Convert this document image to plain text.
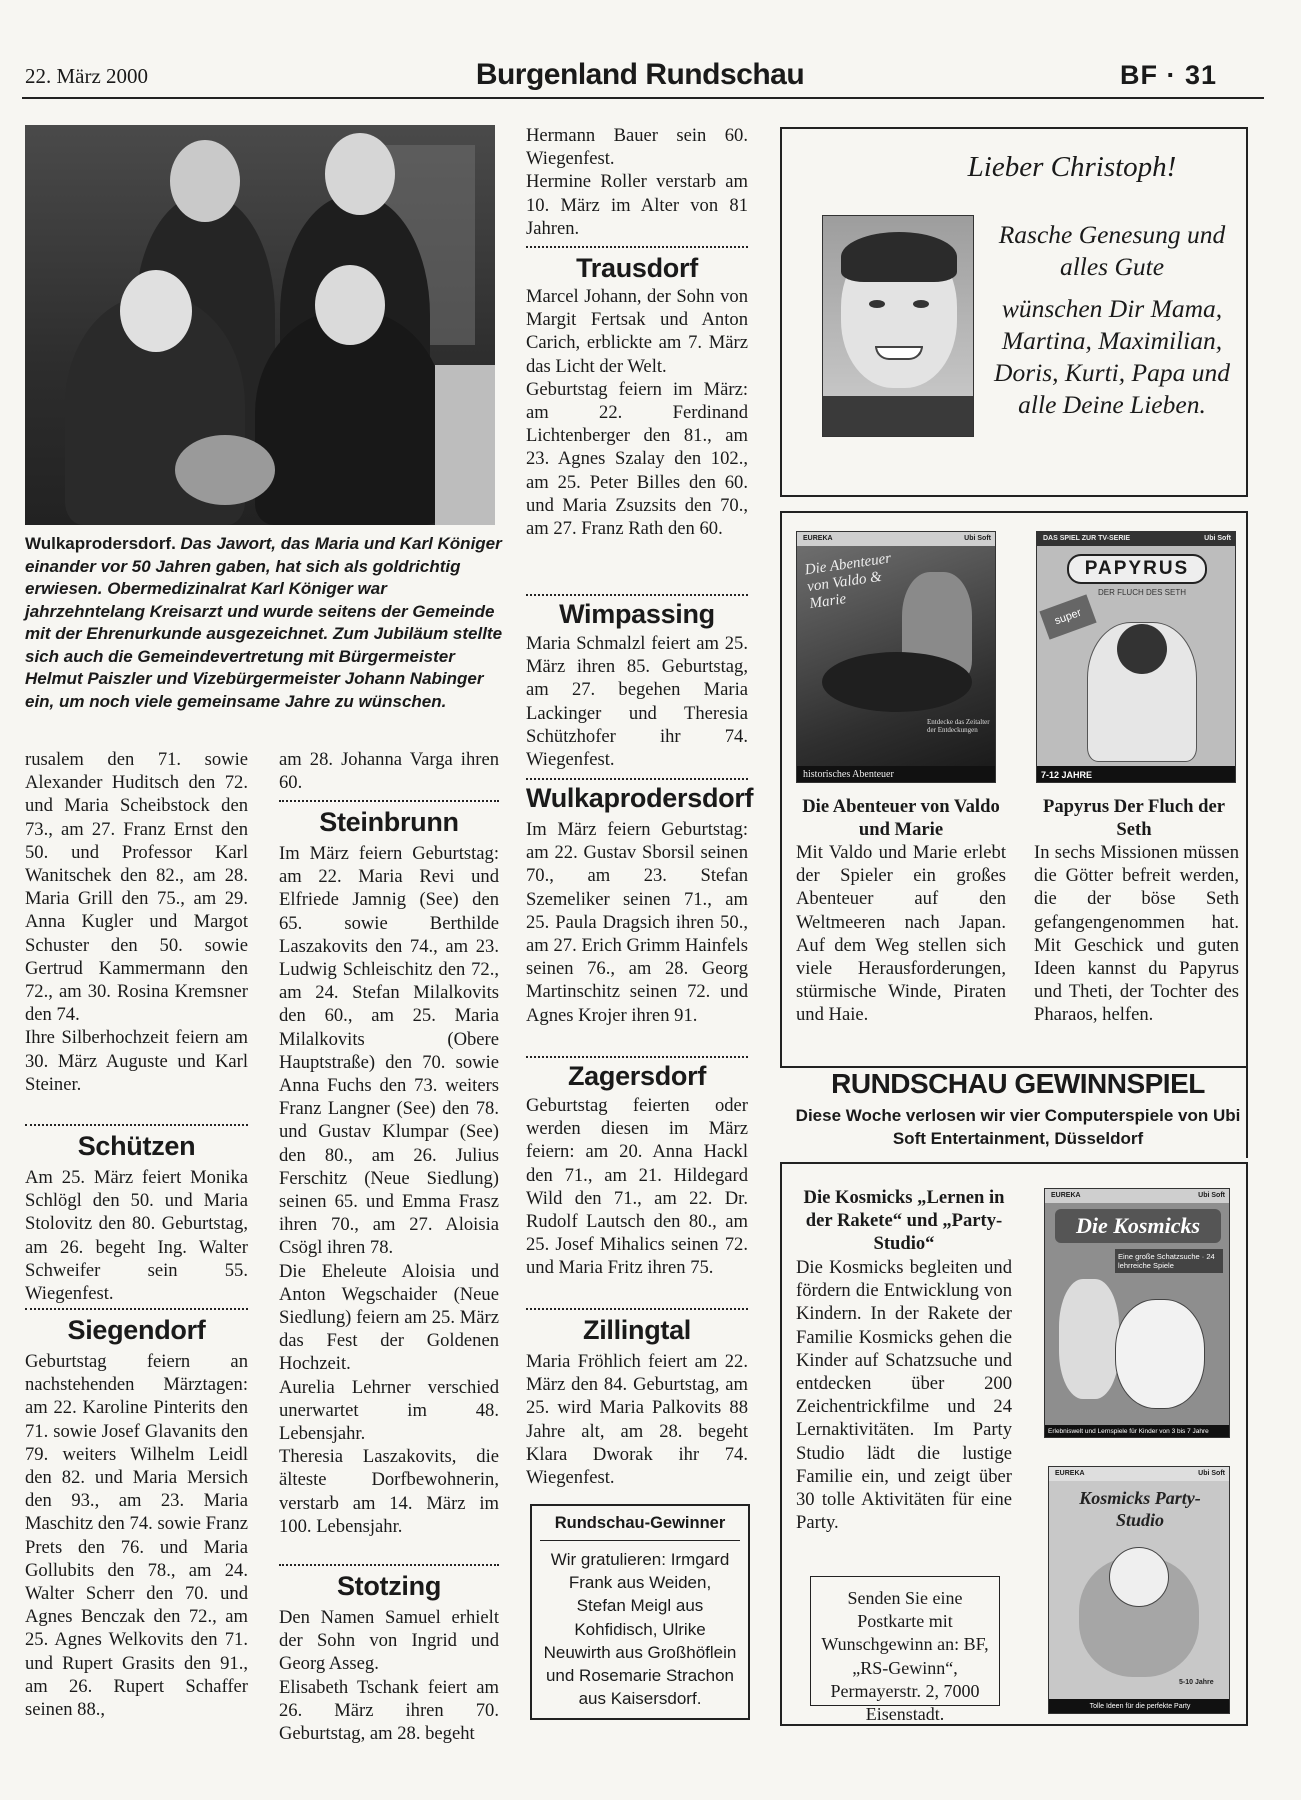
22. März 2000	Burgenland Rundschau	BF · 31
Wulkaprodersdorf. Das Jawort, das Maria und Karl Königer einander vor 50 Jahren gaben, hat sich als goldrichtig erwiesen. Obermedizinalrat Karl Königer war jahrzehntelang Kreisarzt und wurde seitens der Gemeinde mit der Ehrenurkunde ausgezeichnet. Zum Jubiläum stellte sich auch die Gemeindevertretung mit Bürgermeister Helmut Paiszler und Vizebürgermeister Johann Nabinger ein, um noch viele gemeinsame Jahre zu wünschen.
rusalem den 71. sowie Alexander Huditsch den 72. und Maria Scheibstock den 73., am 27. Franz Ernst den 50. und Professor Karl Wanitschek den 82., am 28. Maria Grill den 75., am 29. Anna Kugler und Margot Schuster den 50. sowie Gertrud Kammermann den 72., am 30. Rosina Kremsner den 74.
Ihre Silberhochzeit feiern am 30. März Auguste und Karl Steiner.
Schützen
Am 25. März feiert Monika Schlögl den 50. und Maria Stolovitz den 80. Geburtstag, am 26. begeht Ing. Walter Schweifer sein 55. Wiegenfest.
Siegendorf
Geburtstag feiern an nachstehenden Märztagen: am 22. Karoline Pinterits den 71. sowie Josef Glavanits den 79. weiters Wilhelm Leidl den 82. und Maria Mersich den 93., am 23. Maria Maschitz den 74. sowie Franz Prets den 76. und Maria Gollubits den 78., am 24. Walter Scherr den 70. und Agnes Benczak den 72., am 25. Agnes Welkovits den 71. und Rupert Grasits den 91., am 26. Rupert Schaffer seinen 88.,
am 28. Johanna Varga ihren 60.
Steinbrunn
Im März feiern Geburtstag: am 22. Maria Revi und Elfriede Jamnig (See) den 65. sowie Berthilde Laszakovits den 74., am 23. Ludwig Schleischitz den 72., am 24. Stefan Milalkovits den 60., am 25. Maria Milalkovits (Obere Hauptstraße) den 70. sowie Anna Fuchs den 73. weiters Franz Langner (See) den 78. und Gustav Klumpar (See) den 80., am 26. Julius Ferschitz (Neue Siedlung) seinen 65. und Emma Frasz ihren 70., am 27. Aloisia Csögl ihren 78.
Die Eheleute Aloisia und Anton Wegschaider (Neue Siedlung) feiern am 25. März das Fest der Goldenen Hochzeit.
Aurelia Lehrner verschied unerwartet im 48. Lebensjahr.
Theresia Laszakovits, die älteste Dorfbewohnerin, verstarb am 14. März im 100. Lebensjahr.
Stotzing
Den Namen Samuel erhielt der Sohn von Ingrid und Georg Asseg.
Elisabeth Tschank feiert am 26. März ihren 70. Geburtstag, am 28. begeht
Hermann Bauer sein 60. Wiegenfest.
Hermine Roller verstarb am 10. März im Alter von 81 Jahren.
Trausdorf
Marcel Johann, der Sohn von Margit Fertsak und Anton Carich, erblickte am 7. März das Licht der Welt.
Geburtstag feiern im März: am 22. Ferdinand Lichtenberger den 81., am 23. Agnes Szalay den 102., am 25. Peter Billes den 60. und Maria Zsuzsits den 70., am 27. Franz Rath den 60.
Wimpassing
Maria Schmalzl feiert am 25. März ihren 85. Geburtstag, am 27. begehen Maria Lackinger und Theresia Schützhofer ihr 74. Wiegenfest.
Wulkaprodersdorf
Im März feiern Geburtstag: am 22. Gustav Sborsil seinen 70., am 23. Stefan Szemeliker seinen 71., am 25. Paula Dragsich ihren 50., am 27. Erich Grimm Hainfels seinen 76., am 28. Georg Martinschitz seinen 72. und Agnes Krojer ihren 91.
Zagersdorf
Geburtstag feierten oder werden diesen im März feiern: am 20. Anna Hackl den 71., am 21. Hildegard Wild den 71., am 22. Dr. Rudolf Lautsch den 80., am 25. Josef Mihalics seinen 72. und Maria Fritz ihren 75.
Zillingtal
Maria Fröhlich feiert am 22. März den 84. Geburtstag, am 25. wird Maria Palkovits 88 Jahre alt, am 28. begeht Klara Dworak ihr 74. Wiegenfest.
Rundschau-Gewinner
Wir gratulieren: Irmgard Frank aus Weiden, Stefan Meigl aus Kohfidisch, Ulrike Neuwirth aus Großhöflein und Rosemarie Strachon aus Kaisersdorf.
Lieber Christoph!
Rasche Genesung und alles Gute
wünschen Dir Mama, Martina, Maximilian, Doris, Kurti, Papa und alle Deine Lieben.
EUREKA	Ubi Soft
Die Abenteuer von Valdo & Marie
Entdecke das Zeitalter der Entdeckungen
historisches Abenteuer
DAS SPIEL ZUR TV-SERIE	Ubi Soft
PAPYRUS
DER FLUCH DES SETH
super
7-12 JAHRE
Die Abenteuer von Valdo und Marie
Mit Valdo und Marie erlebt der Spieler ein großes Abenteuer auf den Weltmeeren nach Japan. Auf dem Weg stellen sich viele Herausforderungen, stürmische Winde, Piraten und Haie.
Papyrus Der Fluch der Seth
In sechs Missionen müssen die Götter befreit werden, die der böse Seth gefangengenommen hat. Mit Geschick und guten Ideen kannst du Papyrus und Theti, der Tochter des Pharaos, helfen.
RUNDSCHAU GEWINNSPIEL
Diese Woche verlosen wir vier Computerspiele von Ubi Soft Entertainment, Düsseldorf
Die Kosmicks „Lernen in der Rakete“ und „Party-Studio“
Die Kosmicks begleiten und fördern die Entwicklung von Kindern. In der Rakete der Familie Kosmicks gehen die Kinder auf Schatzsuche und entdecken über 200 Zeichentrickfilme und 24 Lernaktivitäten. Im Party Studio lädt die lustige Familie ein, und zeigt über 30 tolle Aktivitäten für eine Party.
Senden Sie eine Postkarte mit Wunschgewinn an: BF, „RS-Gewinn“, Permayerstr. 2, 7000 Eisenstadt.
EUREKA	Ubi Soft
Die Kosmicks
Eine große Schatzsuche · 24 lehrreiche Spiele
Erlebniswelt und Lernspiele für Kinder von 3 bis 7 Jahre
EUREKA	Ubi Soft
Kosmicks Party-Studio
5-10 Jahre
Tolle Ideen für die perfekte Party
